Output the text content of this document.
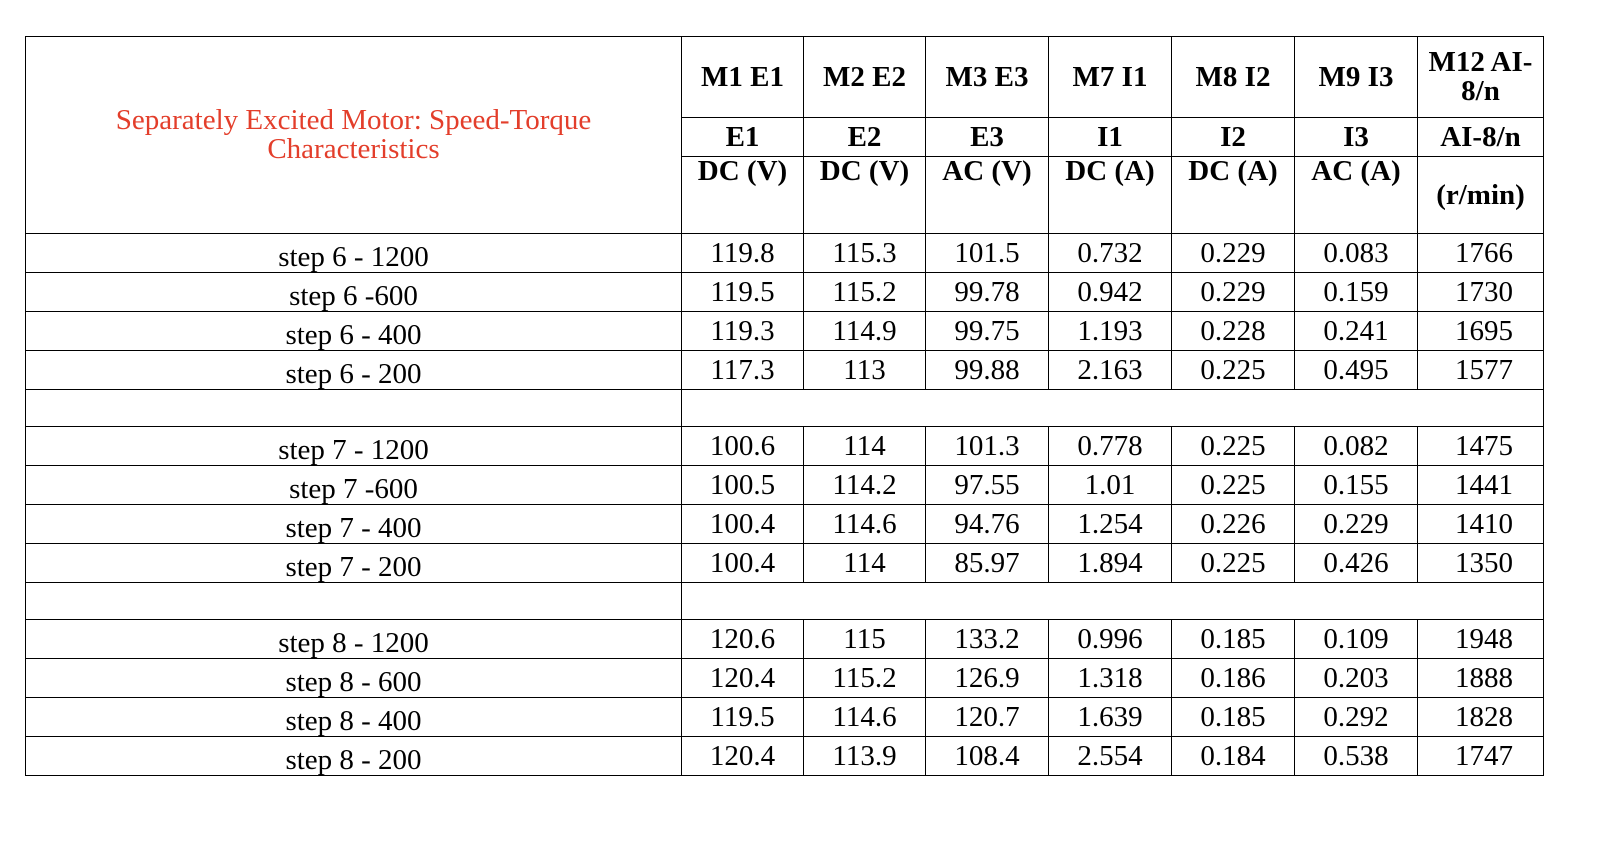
Separately Excited Motor: Speed-Torque Characteristics	M1 E1	M2 E2	M3 E3	M7 I1	M8 I2	M9 I3	M12 AI-8/n
	E1	E2	E3	I1	I2	I3	AI-8/n
	DC (V)	DC (V)	AC (V)	DC (A)	DC (A)	AC (A)	(r/min)
step 6 - 1200	119.8	115.3	101.5	0.732	0.229	0.083	1766
step 6 -600	119.5	115.2	99.78	0.942	0.229	0.159	1730
step 6 - 400	119.3	114.9	99.75	1.193	0.228	0.241	1695
step 6 - 200	117.3	113	99.88	2.163	0.225	0.495	1577

step 7 - 1200	100.6	114	101.3	0.778	0.225	0.082	1475
step 7 -600	100.5	114.2	97.55	1.01	0.225	0.155	1441
step 7 - 400	100.4	114.6	94.76	1.254	0.226	0.229	1410
step 7 - 200	100.4	114	85.97	1.894	0.225	0.426	1350

step 8 - 1200	120.6	115	133.2	0.996	0.185	0.109	1948
step 8 - 600	120.4	115.2	126.9	1.318	0.186	0.203	1888
step 8 - 400	119.5	114.6	120.7	1.639	0.185	0.292	1828
step 8 - 200	120.4	113.9	108.4	2.554	0.184	0.538	1747
